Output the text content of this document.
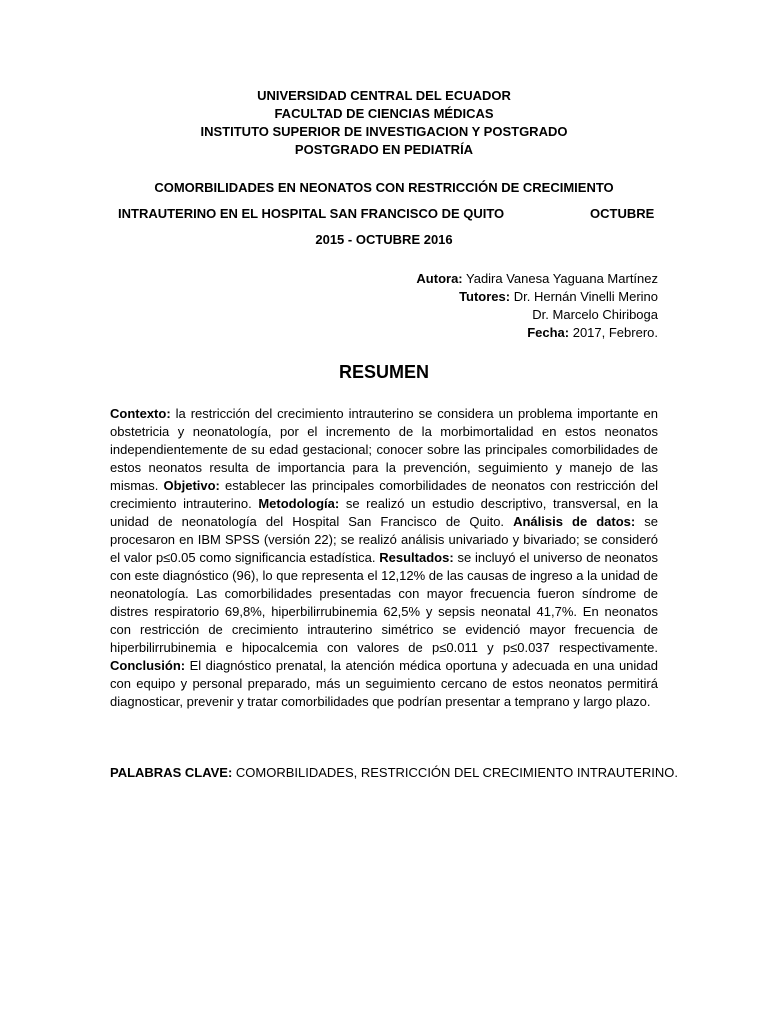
UNIVERSIDAD CENTRAL DEL ECUADOR
FACULTAD DE CIENCIAS MÉDICAS
INSTITUTO SUPERIOR DE INVESTIGACION Y POSTGRADO
POSTGRADO EN PEDIATRÍA
COMORBILIDADES EN NEONATOS CON RESTRICCIÓN DE CRECIMIENTO
INTRAUTERINO EN EL HOSPITAL SAN FRANCISCO DE QUITO	OCTUBRE
2015 - OCTUBRE 2016
Autora: Yadira Vanesa Yaguana Martínez
Tutores: Dr. Hernán Vinelli Merino
Dr. Marcelo Chiriboga
Fecha: 2017, Febrero.
RESUMEN
Contexto: la restricción del crecimiento intrauterino se considera un problema importante en obstetricia y neonatología, por el incremento de la morbimortalidad en estos neonatos independientemente de su edad gestacional; conocer sobre las principales comorbilidades de estos neonatos resulta de importancia para la prevención, seguimiento y manejo de las mismas. Objetivo: establecer las principales comorbilidades de neonatos con restricción del crecimiento intrauterino. Metodología: se realizó un estudio descriptivo, transversal, en la unidad de neonatología del Hospital San Francisco de Quito. Análisis de datos: se procesaron en IBM SPSS (versión 22); se realizó análisis univariado y bivariado; se consideró el valor p≤0.05 como significancia estadística. Resultados: se incluyó el universo de neonatos con este diagnóstico (96), lo que representa el 12,12% de las causas de ingreso a la unidad de neonatología. Las comorbilidades presentadas con mayor frecuencia fueron síndrome de distres respiratorio 69,8%, hiperbilirrubinemia 62,5% y sepsis neonatal 41,7%. En neonatos con restricción de crecimiento intrauterino simétrico se evidenció mayor frecuencia de hiperbilirrubinemia e hipocalcemia con valores de p≤0.011 y p≤0.037 respectivamente. Conclusión: El diagnóstico prenatal, la atención médica oportuna y adecuada en una unidad con equipo y personal preparado, más un seguimiento cercano de estos neonatos permitirá diagnosticar, prevenir y tratar comorbilidades que podrían presentar a temprano y largo plazo.
PALABRAS CLAVE: COMORBILIDADES, RESTRICCIÓN DEL CRECIMIENTO INTRAUTERINO.
